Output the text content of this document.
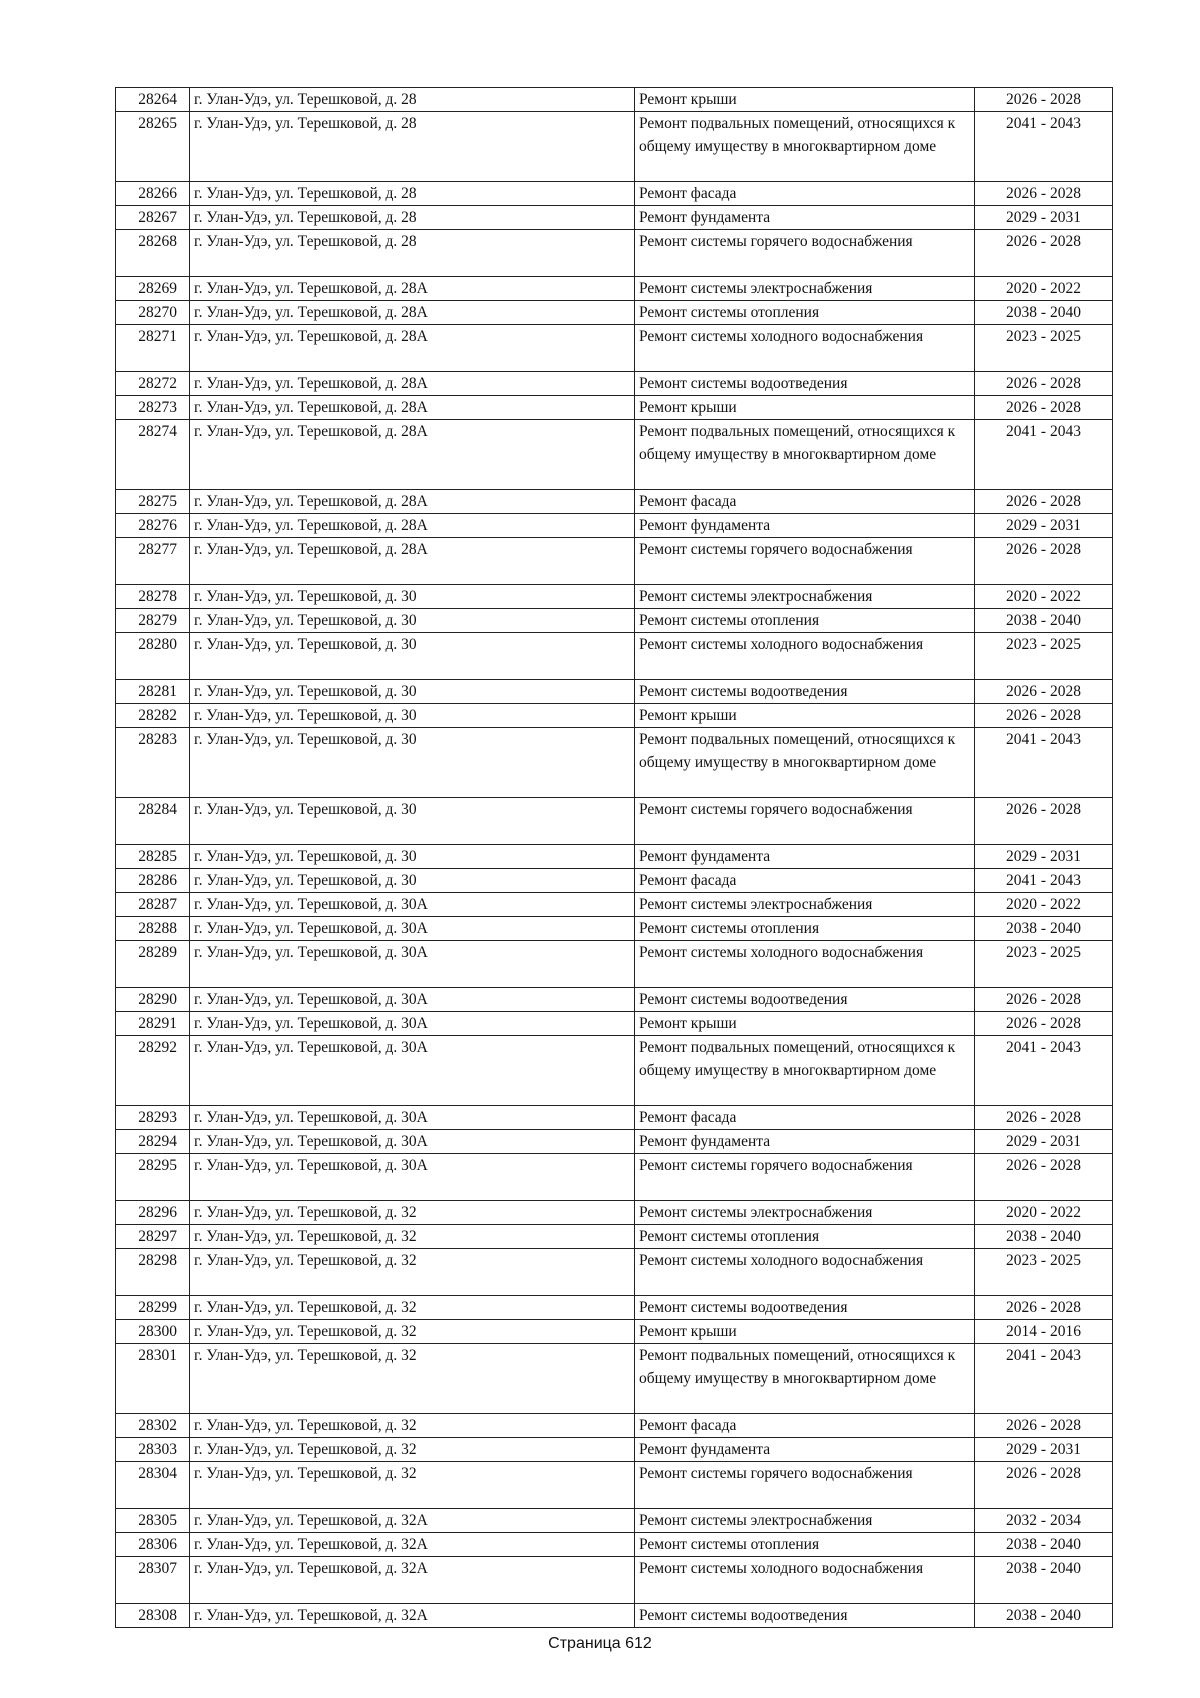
28264	г. Улан-Удэ, ул. Терешковой, д. 28	Ремонт крыши	2026 - 2028
28265	г. Улан-Удэ, ул. Терешковой, д. 28	Ремонт подвальных помещений, относящихся к общему имуществу в многоквартирном доме	2041 - 2043
28266	г. Улан-Удэ, ул. Терешковой, д. 28	Ремонт фасада	2026 - 2028
28267	г. Улан-Удэ, ул. Терешковой, д. 28	Ремонт фундамента	2029 - 2031
28268	г. Улан-Удэ, ул. Терешковой, д. 28	Ремонт системы горячего водоснабжения	2026 - 2028
28269	г. Улан-Удэ, ул. Терешковой, д. 28А	Ремонт системы электроснабжения	2020 - 2022
28270	г. Улан-Удэ, ул. Терешковой, д. 28А	Ремонт системы отопления	2038 - 2040
28271	г. Улан-Удэ, ул. Терешковой, д. 28А	Ремонт системы холодного водоснабжения	2023 - 2025
28272	г. Улан-Удэ, ул. Терешковой, д. 28А	Ремонт системы водоотведения	2026 - 2028
28273	г. Улан-Удэ, ул. Терешковой, д. 28А	Ремонт крыши	2026 - 2028
28274	г. Улан-Удэ, ул. Терешковой, д. 28А	Ремонт подвальных помещений, относящихся к общему имуществу в многоквартирном доме	2041 - 2043
28275	г. Улан-Удэ, ул. Терешковой, д. 28А	Ремонт фасада	2026 - 2028
28276	г. Улан-Удэ, ул. Терешковой, д. 28А	Ремонт фундамента	2029 - 2031
28277	г. Улан-Удэ, ул. Терешковой, д. 28А	Ремонт системы горячего водоснабжения	2026 - 2028
28278	г. Улан-Удэ, ул. Терешковой, д. 30	Ремонт системы электроснабжения	2020 - 2022
28279	г. Улан-Удэ, ул. Терешковой, д. 30	Ремонт системы отопления	2038 - 2040
28280	г. Улан-Удэ, ул. Терешковой, д. 30	Ремонт системы холодного водоснабжения	2023 - 2025
28281	г. Улан-Удэ, ул. Терешковой, д. 30	Ремонт системы водоотведения	2026 - 2028
28282	г. Улан-Удэ, ул. Терешковой, д. 30	Ремонт крыши	2026 - 2028
28283	г. Улан-Удэ, ул. Терешковой, д. 30	Ремонт подвальных помещений, относящихся к общему имуществу в многоквартирном доме	2041 - 2043
28284	г. Улан-Удэ, ул. Терешковой, д. 30	Ремонт системы горячего водоснабжения	2026 - 2028
28285	г. Улан-Удэ, ул. Терешковой, д. 30	Ремонт фундамента	2029 - 2031
28286	г. Улан-Удэ, ул. Терешковой, д. 30	Ремонт фасада	2041 - 2043
28287	г. Улан-Удэ, ул. Терешковой, д. 30А	Ремонт системы электроснабжения	2020 - 2022
28288	г. Улан-Удэ, ул. Терешковой, д. 30А	Ремонт системы отопления	2038 - 2040
28289	г. Улан-Удэ, ул. Терешковой, д. 30А	Ремонт системы холодного водоснабжения	2023 - 2025
28290	г. Улан-Удэ, ул. Терешковой, д. 30А	Ремонт системы водоотведения	2026 - 2028
28291	г. Улан-Удэ, ул. Терешковой, д. 30А	Ремонт крыши	2026 - 2028
28292	г. Улан-Удэ, ул. Терешковой, д. 30А	Ремонт подвальных помещений, относящихся к общему имуществу в многоквартирном доме	2041 - 2043
28293	г. Улан-Удэ, ул. Терешковой, д. 30А	Ремонт фасада	2026 - 2028
28294	г. Улан-Удэ, ул. Терешковой, д. 30А	Ремонт фундамента	2029 - 2031
28295	г. Улан-Удэ, ул. Терешковой, д. 30А	Ремонт системы горячего водоснабжения	2026 - 2028
28296	г. Улан-Удэ, ул. Терешковой, д. 32	Ремонт системы электроснабжения	2020 - 2022
28297	г. Улан-Удэ, ул. Терешковой, д. 32	Ремонт системы отопления	2038 - 2040
28298	г. Улан-Удэ, ул. Терешковой, д. 32	Ремонт системы холодного водоснабжения	2023 - 2025
28299	г. Улан-Удэ, ул. Терешковой, д. 32	Ремонт системы водоотведения	2026 - 2028
28300	г. Улан-Удэ, ул. Терешковой, д. 32	Ремонт крыши	2014 - 2016
28301	г. Улан-Удэ, ул. Терешковой, д. 32	Ремонт подвальных помещений, относящихся к общему имуществу в многоквартирном доме	2041 - 2043
28302	г. Улан-Удэ, ул. Терешковой, д. 32	Ремонт фасада	2026 - 2028
28303	г. Улан-Удэ, ул. Терешковой, д. 32	Ремонт фундамента	2029 - 2031
28304	г. Улан-Удэ, ул. Терешковой, д. 32	Ремонт системы горячего водоснабжения	2026 - 2028
28305	г. Улан-Удэ, ул. Терешковой, д. 32А	Ремонт системы электроснабжения	2032 - 2034
28306	г. Улан-Удэ, ул. Терешковой, д. 32А	Ремонт системы отопления	2038 - 2040
28307	г. Улан-Удэ, ул. Терешковой, д. 32А	Ремонт системы холодного водоснабжения	2038 - 2040
28308	г. Улан-Удэ, ул. Терешковой, д. 32А	Ремонт системы водоотведения	2038 - 2040
Страница 612
